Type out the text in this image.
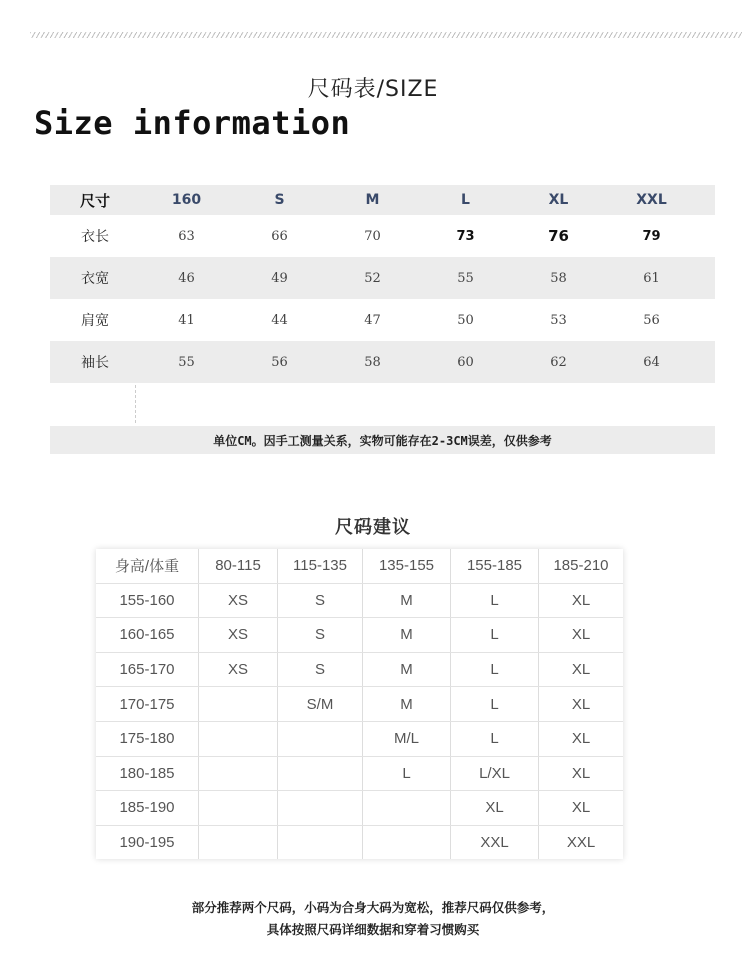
尺码表/SIZE
Size information
尺寸	160	S	M	L	XL	XXL
衣长	63	66	70	73	76	79
衣宽	46	49	52	55	58	61
肩宽	41	44	47	50	53	56
袖长	55	56	58	60	62	64
单位CM。因手工测量关系，实物可能存在2-3CM误差，仅供参考
尺码建议
身高/体重	80-115	115-135	135-155	155-185	185-210
155-160	XS	S	M	L	XL
160-165	XS	S	M	L	XL
165-170	XS	S	M	L	XL
170-175		S/M	M	L	XL
175-180			M/L	L	XL
180-185			L	L/XL	XL
185-190				XL	XL
190-195				XXL	XXL
部分推荐两个尺码，小码为合身大码为宽松，推荐尺码仅供参考，
具体按照尺码详细数据和穿着习惯购买
